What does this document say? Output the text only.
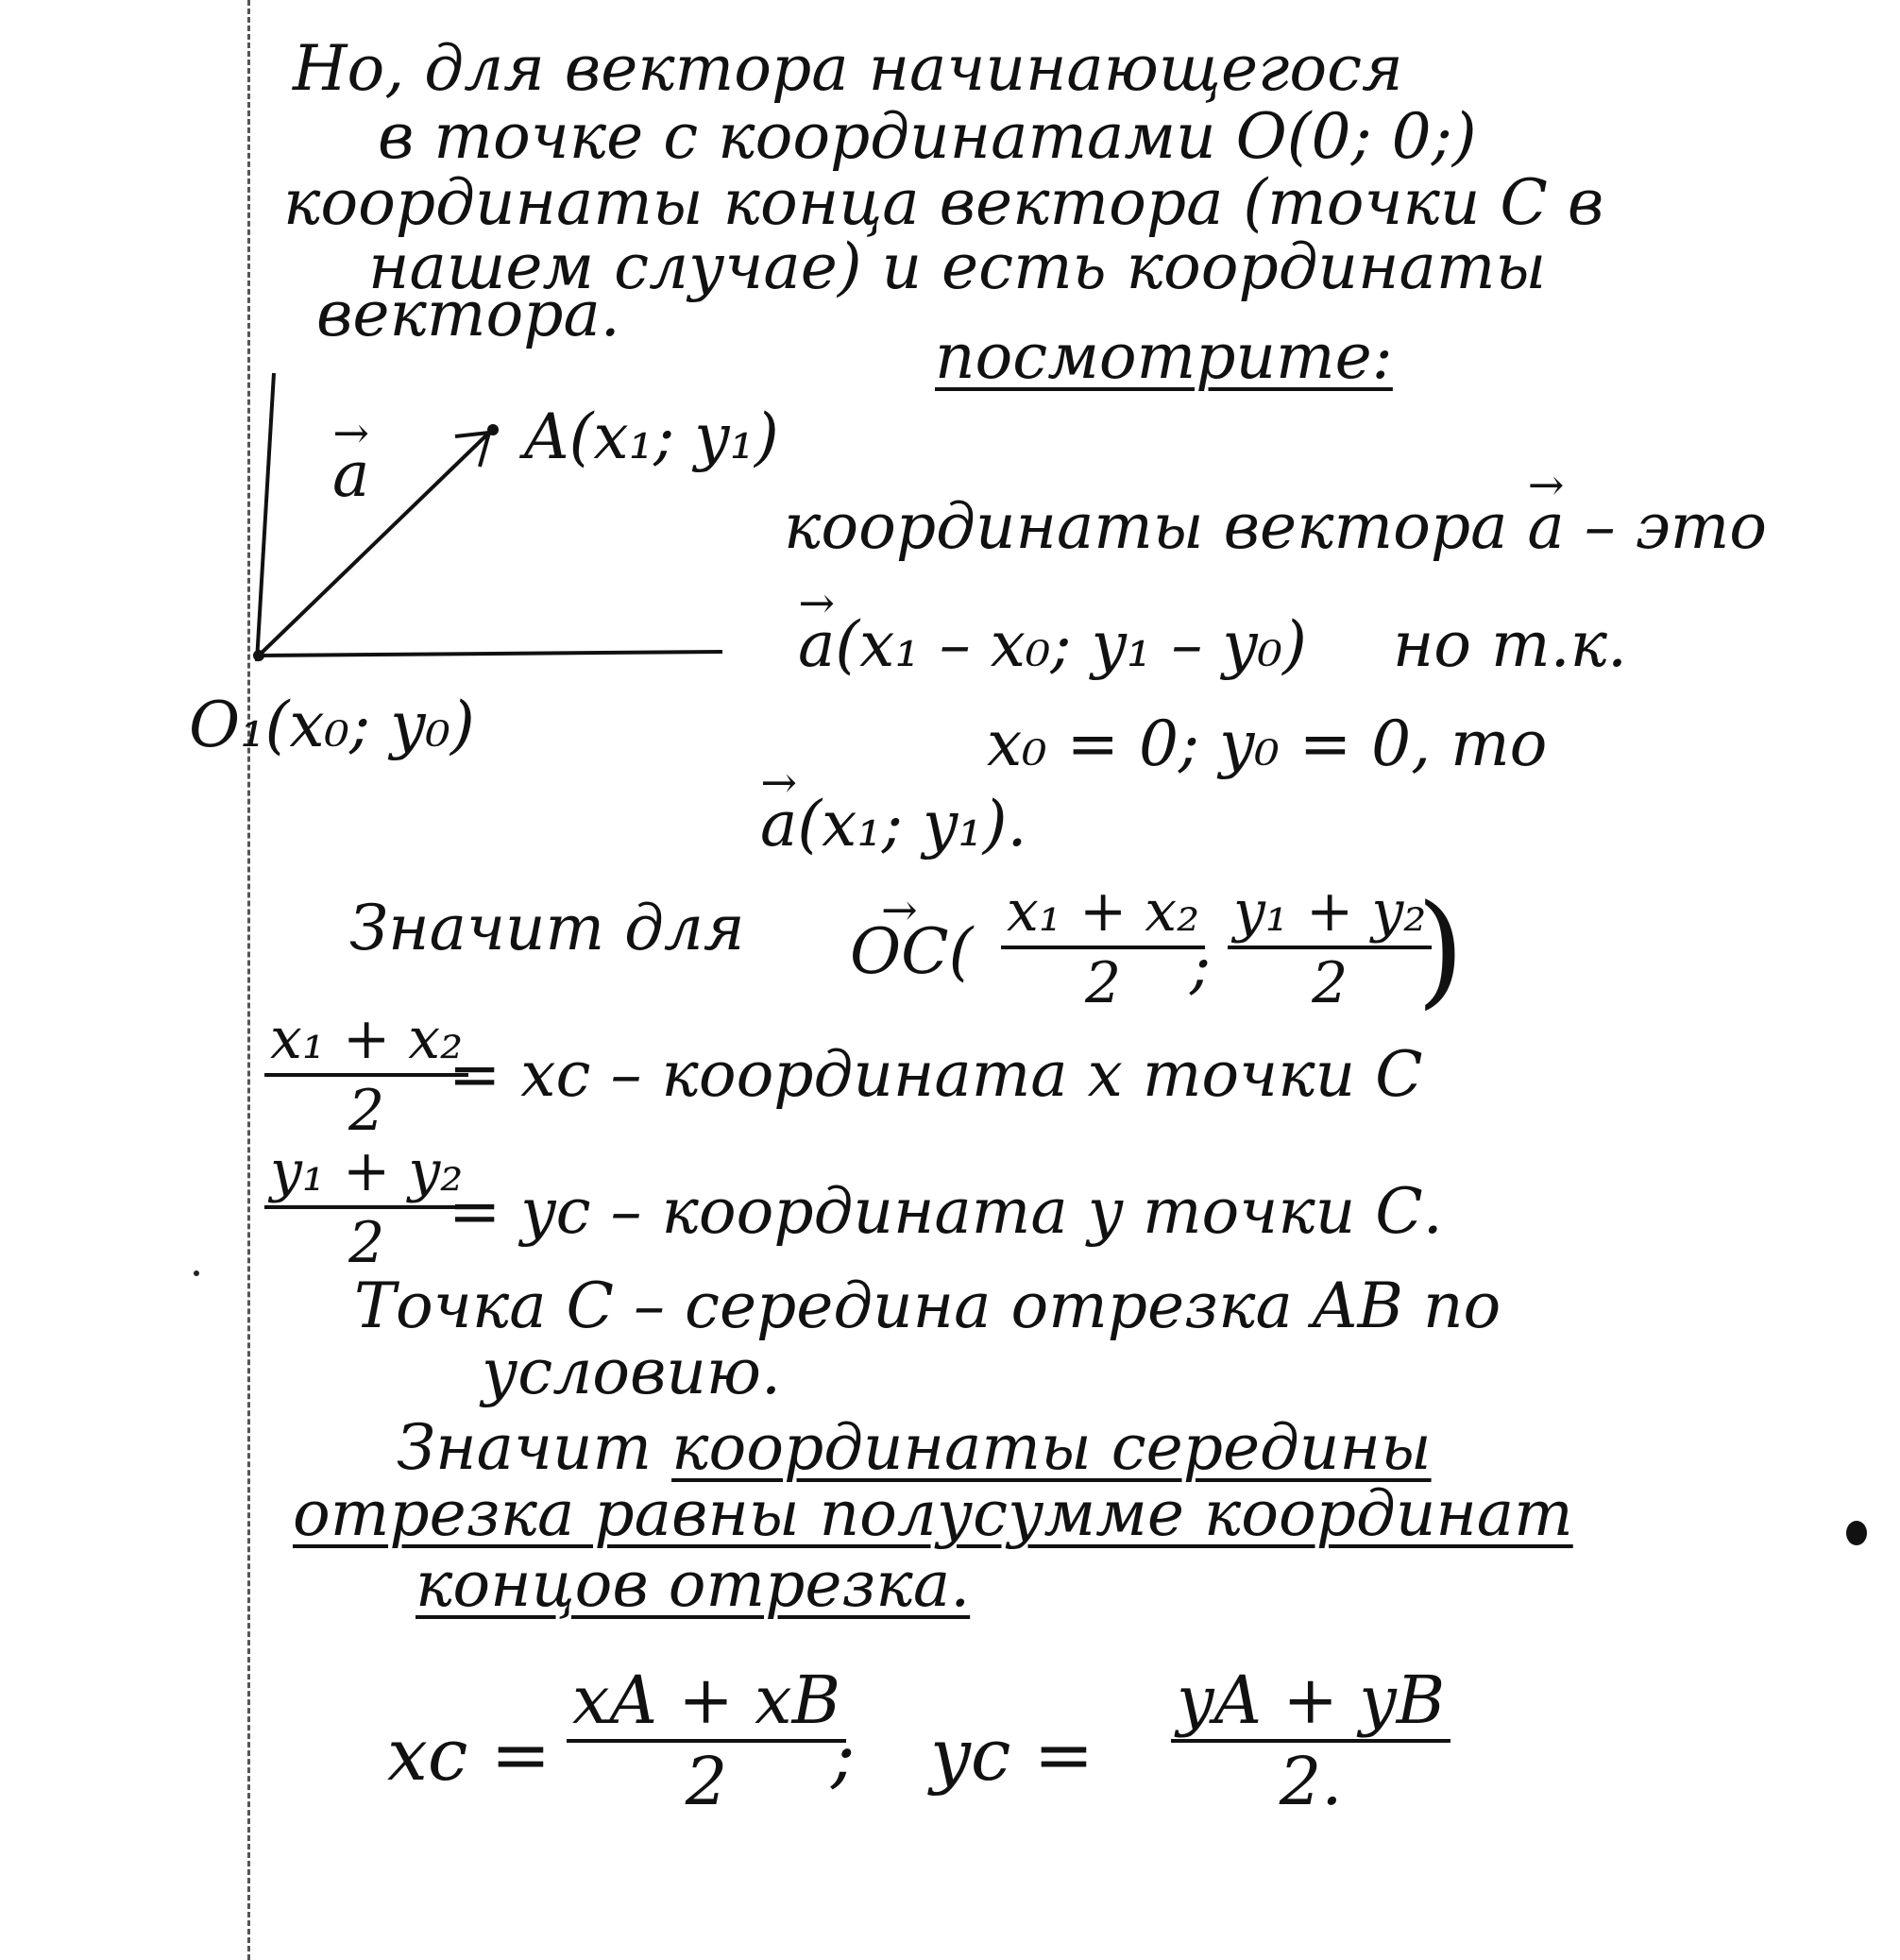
Но, для вектора начинающегося
в точке с координатами O(0; 0;)
координаты конца вектора (точки С в
нашем случае) и есть координаты
вектора.
посмотрите:
→ a
A(x₁; y₁)
O₁(x₀; y₀)
координаты вектора → a – это
→ a(x₁ – x₀; y₁ – y₀) но т.к.
x₀ = 0; y₀ = 0, то
→ a(x₁; y₁).
Значит для → $OC( \frac{\text{x₁ + x₂}}{2}$
; $\frac{\text{y₁ + y₂}}{2}$
)
$\frac{\text{x₁ + x₂}}{2}$
= xc – координата x точки С
$\frac{\text{y₁ + y₂}}{2}$
= yc – координата y точки С.
Точка С – середина отрезка AB по
условию.
Значит координаты середины
отрезка равны полусумме координат
концов отрезка.
xc = $\frac{xA + xB}{2}$
; yc = $\frac{yA + yB}{2.}$
